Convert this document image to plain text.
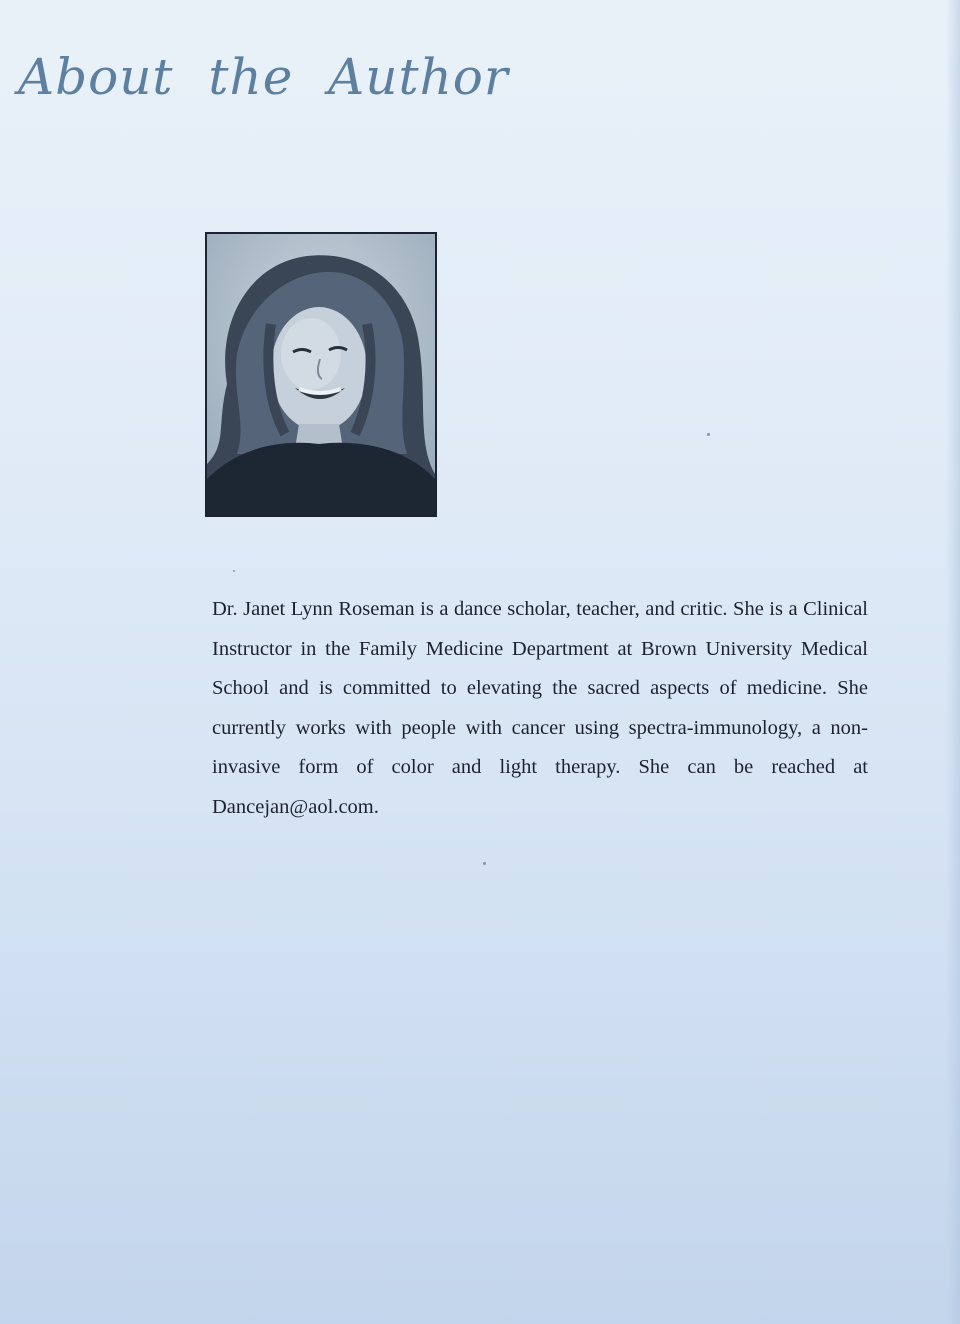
About the Author

Dr. Janet Lynn Roseman is a dance scholar, teacher, and critic. She is a Clinical Instructor in the Family Medicine Department at Brown University Medical School and is committed to elevating the sacred aspects of medicine. She currently works with people with cancer using spectra-immunology, a non-invasive form of color and light therapy. She can be reached at Dancejan@aol.com.
